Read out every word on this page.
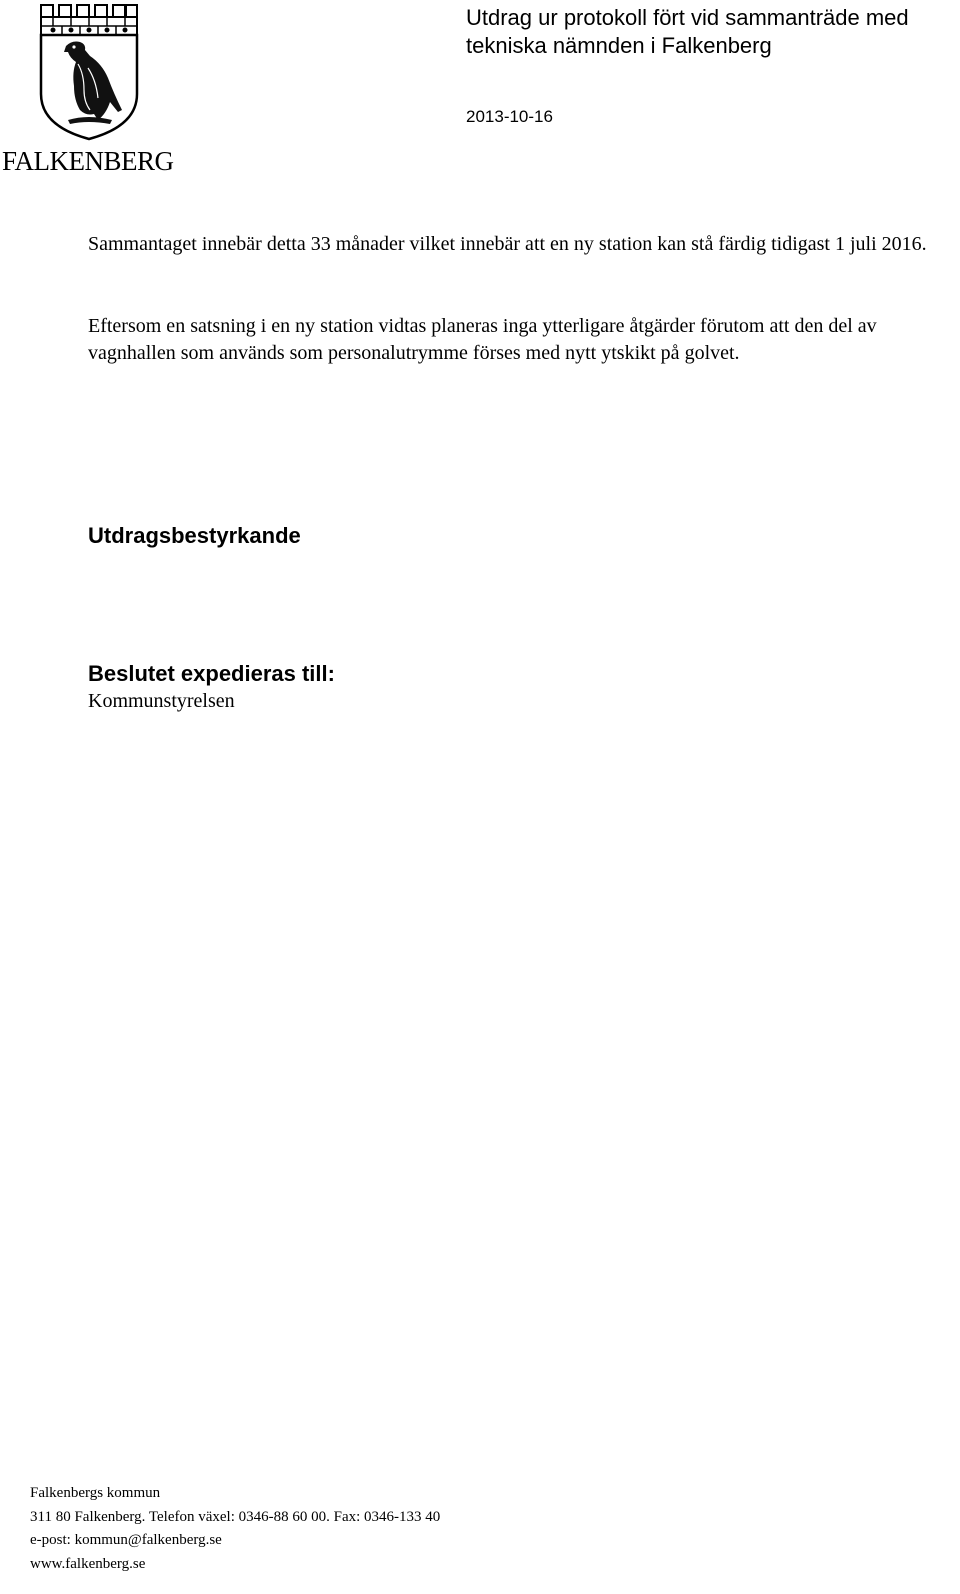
FALKENBERG
Utdrag ur protokoll fört vid sammanträde med tekniska nämnden i Falkenberg
2013-10-16
Sammantaget innebär detta 33 månader vilket innebär att en ny station kan stå färdig tidigast 1 juli 2016.
Eftersom en satsning i en ny station vidtas planeras inga ytterligare åtgärder förutom att den del av vagnhallen som används som personalutrymme förses med nytt ytskikt på golvet.
Utdragsbestyrkande
Beslutet expedieras till:
Kommunstyrelsen
Falkenbergs kommun
311 80 Falkenberg. Telefon växel: 0346-88 60 00. Fax: 0346-133 40
e-post: kommun@falkenberg.se
www.falkenberg.se
